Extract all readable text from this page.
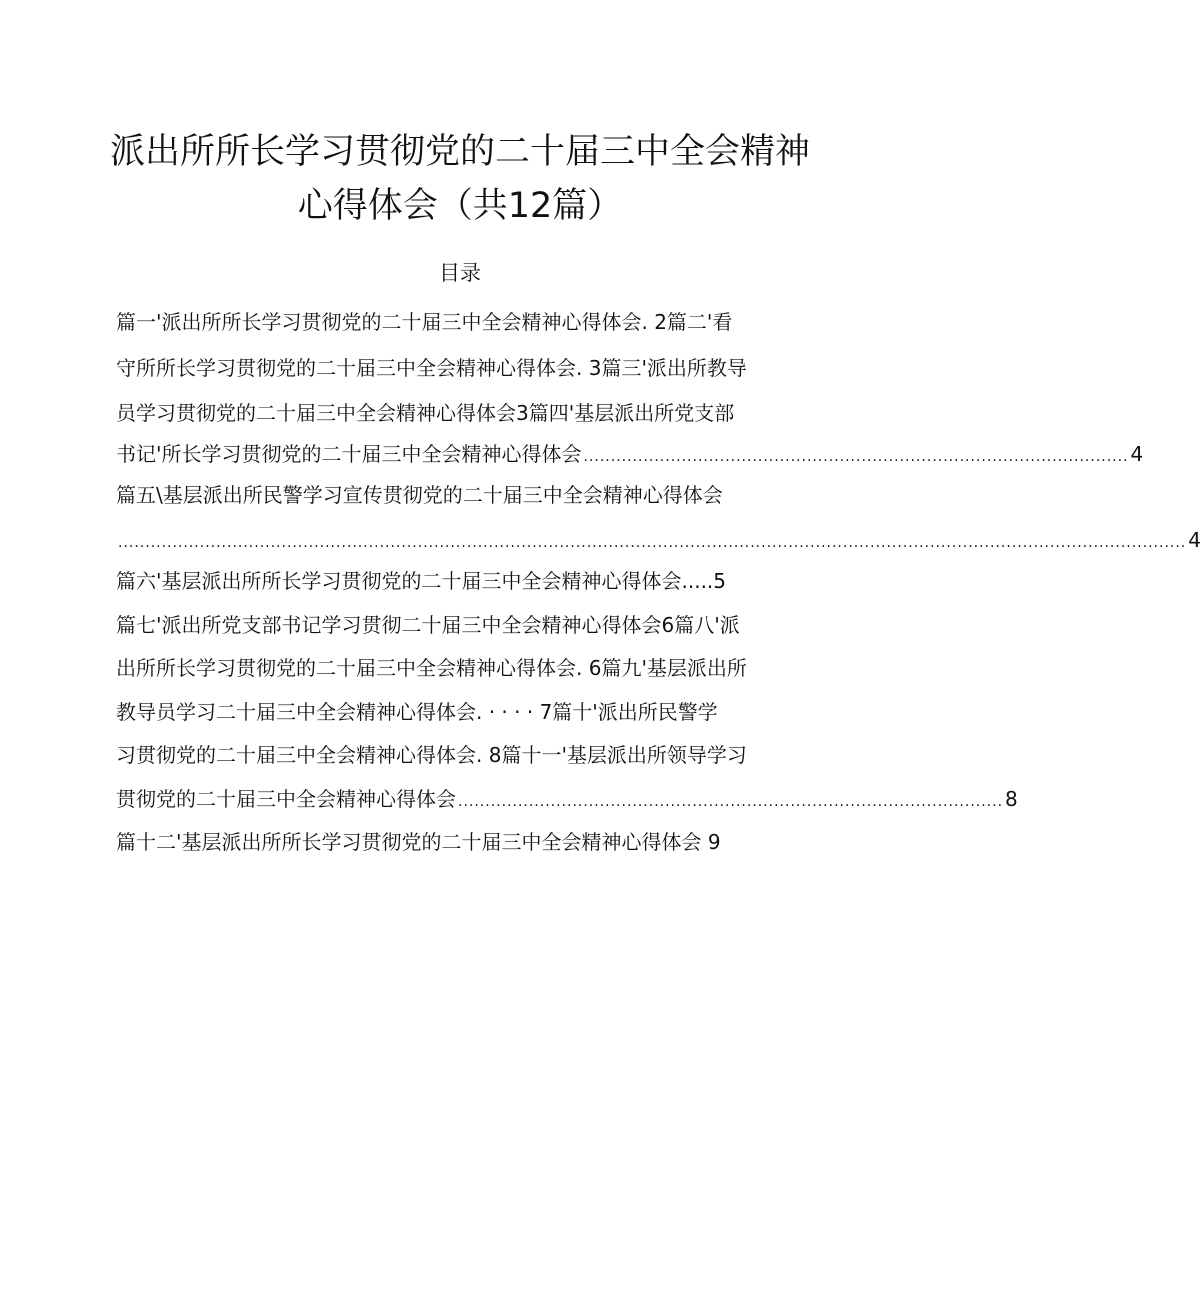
派出所所长学习贯彻党的二十届三中全会精神
心得体会（共12篇）
目录
篇一'派出所所长学习贯彻党的二十届三中全会精神心得体会. 2篇二'看
守所所长学习贯彻党的二十届三中全会精神心得体会. 3篇三'派出所教导
员学习贯彻党的二十届三中全会精神心得体会3篇四'基层派出所党支部
书记'所长学习贯彻党的二十届三中全会精神心得体会 .................................................................................................... 4
篇五\基层派出所民警学习宣传贯彻党的二十届三中全会精神心得体会
.................................................................................................................................................................................................... 4
篇六'基层派出所所长学习贯彻党的二十届三中全会精神心得体会.....5
篇七'派出所党支部书记学习贯彻二十届三中全会精神心得体会6篇八'派
出所所长学习贯彻党的二十届三中全会精神心得体会. 6篇九'基层派出所
教导员学习二十届三中全会精神心得体会. · · · · 7篇十'派出所民警学
习贯彻党的二十届三中全会精神心得体会. 8篇十一'基层派出所领导学习
贯彻党的二十届三中全会精神心得体会 .................................................................................................... 8
篇十二'基层派出所所长学习贯彻党的二十届三中全会精神心得体会 9
